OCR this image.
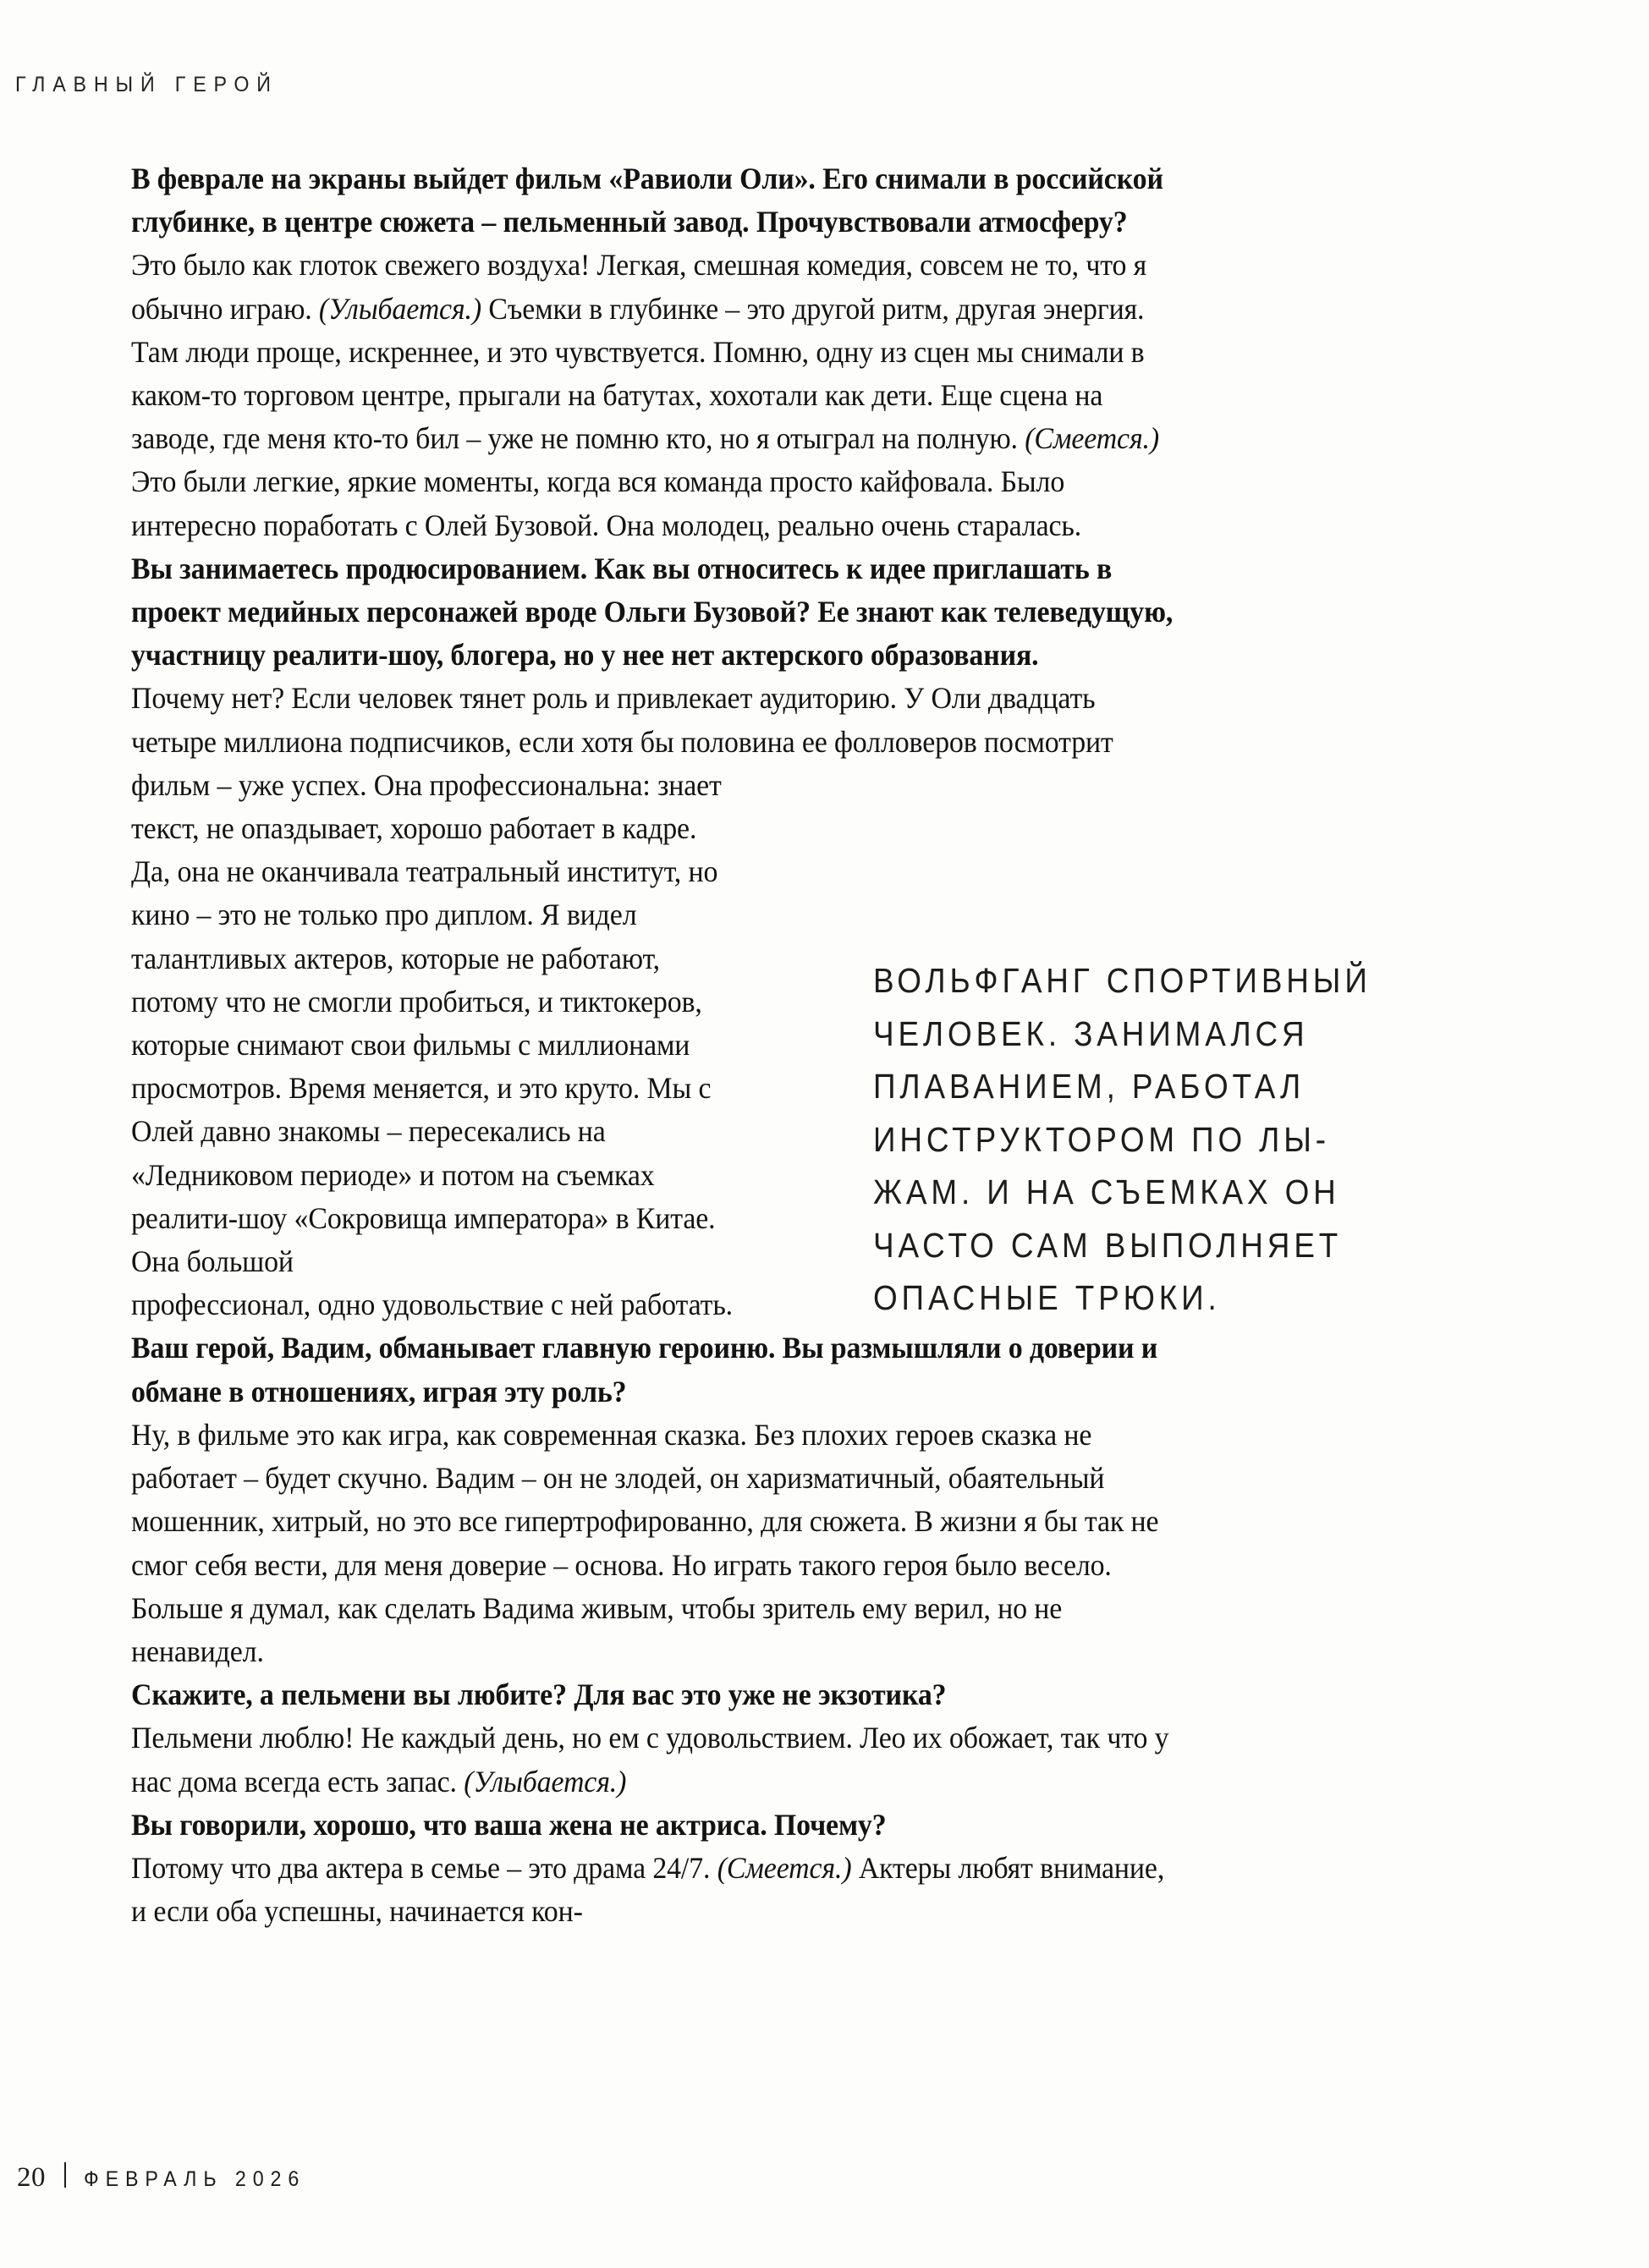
ГЛАВНЫЙ ГЕРОЙ

В феврале на экраны выйдет фильм «Равиоли Оли». Его снимали в российской глубинке, в центре сюжета – пельменный завод. Прочувствовали атмосферу?

Это было как глоток свежего воздуха! Легкая, смешная комедия, совсем не то, что я обычно играю. (Улыбается.) Съемки в глубинке – это другой ритм, другая энергия. Там люди проще, искреннее, и это чувствуется. Помню, одну из сцен мы снимали в каком-то торговом центре, прыгали на батутах, хохотали как дети. Еще сцена на заводе, где меня кто-то бил – уже не помню кто, но я отыграл на полную. (Смеется.) Это были легкие, яркие моменты, когда вся команда просто кайфовала. Было интересно поработать с Олей Бузовой. Она молодец, реально очень старалась.

Вы занимаетесь продюсированием. Как вы относитесь к идее приглашать в проект медийных персонажей вроде Ольги Бузовой? Ее знают как телеведущую, участницу реалити-шоу, блогера, но у нее нет актерского образования.

Почему нет? Если человек тянет роль и привлекает аудиторию. У Оли двадцать четыре миллиона подписчиков, если хотя бы половина ее фолловеров посмотрит

фильм – уже успех. Она профессиональна: знает текст, не опаздывает, хорошо работает в кадре. Да, она не оканчивала театральный институт, но кино – это не только про диплом. Я видел талантливых актеров, которые не работают, потому что не смогли пробиться, и тиктокеров, которые снимают свои фильмы с миллионами просмотров. Время меняется, и это круто. Мы с Олей давно знакомы – пересекались на «Ледниковом периоде» и потом на съемках реалити-шоу «Сокровища императора» в Китае. Она большой

профессионал, одно удовольствие с ней работать.

Ваш герой, Вадим, обманывает главную героиню. Вы размышляли о доверии и обмане в отношениях, играя эту роль?

Ну, в фильме это как игра, как современная сказка. Без плохих героев сказка не работает – будет скучно. Вадим – он не злодей, он харизматичный, обаятельный мошенник, хитрый, но это все гипертрофированно, для сюжета. В жизни я бы так не смог себя вести, для меня доверие – основа. Но играть такого героя было весело. Больше я думал, как сделать Вадима живым, чтобы зритель ему верил, но не ненавидел.

Скажите, а пельмени вы любите? Для вас это уже не экзотика?

Пельмени люблю! Не каждый день, но ем с удовольствием. Лео их обожает, так что у нас дома всегда есть запас. (Улыбается.)

Вы говорили, хорошо, что ваша жена не актриса. Почему?

Потому что два актера в семье – это драма 24/7. (Смеется.) Актеры любят внимание, и если оба успешны, начинается кон-

ВОЛЬФГАНГ СПОРТИВНЫЙ
ЧЕЛОВЕК. ЗАНИМАЛСЯ
ПЛАВАНИЕМ, РАБОТАЛ
ИНСТРУКТОРОМ ПО ЛЫ-
ЖАМ. И НА СЪЕМКАХ ОН
ЧАСТО САМ ВЫПОЛНЯЕТ
ОПАСНЫЕ ТРЮКИ.
20 ФЕВРАЛЬ 2026
